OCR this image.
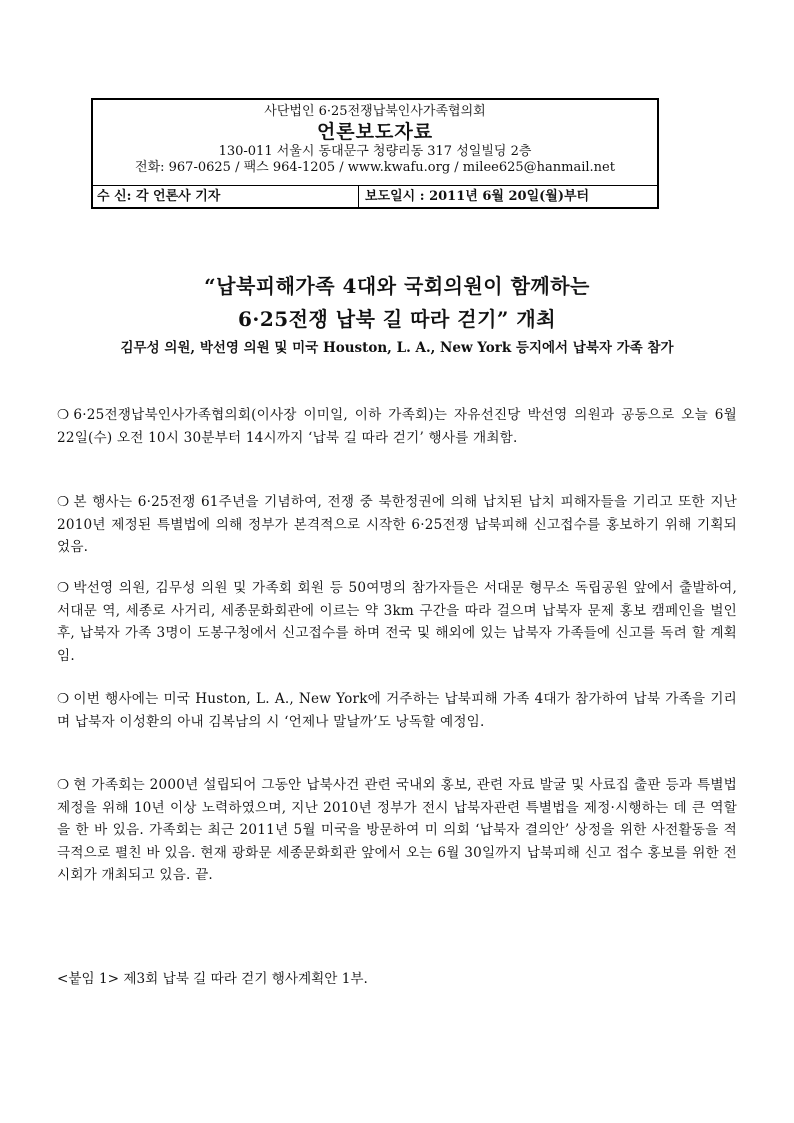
사단법인 6·25전쟁납북인사가족협의회
언론보도자료
130-011 서울시 동대문구 청량리동 317 성일빌딩 2층
전화: 967-0625 / 팩스 964-1205 / www.kwafu.org / milee625@hanmail.net
수 신: 각 언론사 기자	보도일시 : 2011년 6월 20일(월)부터
“납북피해가족 4대와 국회의원이 함께하는
6·25전쟁 납북 길 따라 걷기” 개최
김무성 의원, 박선영 의원 및 미국 Houston, L. A., New York 등지에서 납북자 가족 참가
❍ 6·25전쟁납북인사가족협의회(이사장 이미일, 이하 가족회)는 자유선진당 박선영 의원과 공동으로 오늘 6월 22일(수) 오전 10시 30분부터 14시까지 ‘납북 길 따라 걷기’ 행사를 개최함.
❍ 본 행사는 6·25전쟁 61주년을 기념하여, 전쟁 중 북한정권에 의해 납치된 납치 피해자들을 기리고 또한 지난 2010년 제정된 특별법에 의해 정부가 본격적으로 시작한 6·25전쟁 납북피해 신고접수를 홍보하기 위해 기획되었음.
❍ 박선영 의원, 김무성 의원 및 가족회 회원 등 50여명의 참가자들은 서대문 형무소 독립공원 앞에서 출발하여, 서대문 역, 세종로 사거리, 세종문화회관에 이르는 약 3km 구간을 따라 걸으며 납북자 문제 홍보 캠페인을 벌인 후, 납북자 가족 3명이 도봉구청에서 신고접수를 하며 전국 및 해외에 있는 납북자 가족들에 신고를 독려 할 계획임.
❍ 이번 행사에는 미국 Huston, L. A., New York에 거주하는 납북피해 가족 4대가 참가하여 납북 가족을 기리며 납북자 이성환의 아내 김복남의 시 ‘언제나 말날까’도 낭독할 예정임.
❍ 현 가족회는 2000년 설립되어 그동안 납북사건 관련 국내외 홍보, 관련 자료 발굴 및 사료집 출판 등과 특별법 제정을 위해 10년 이상 노력하였으며, 지난 2010년 정부가 전시 납북자관련 특별법을 제정·시행하는 데 큰 역할을 한 바 있음. 가족회는 최근 2011년 5월 미국을 방문하여 미 의회 ‘납북자 결의안’ 상정을 위한 사전활동을 적극적으로 펼친 바 있음. 현재 광화문 세종문화회관 앞에서 오는 6월 30일까지 납북피해 신고 접수 홍보를 위한 전시회가 개최되고 있음. 끝.
<붙임 1> 제3회 납북 길 따라 걷기 행사계획안 1부.
